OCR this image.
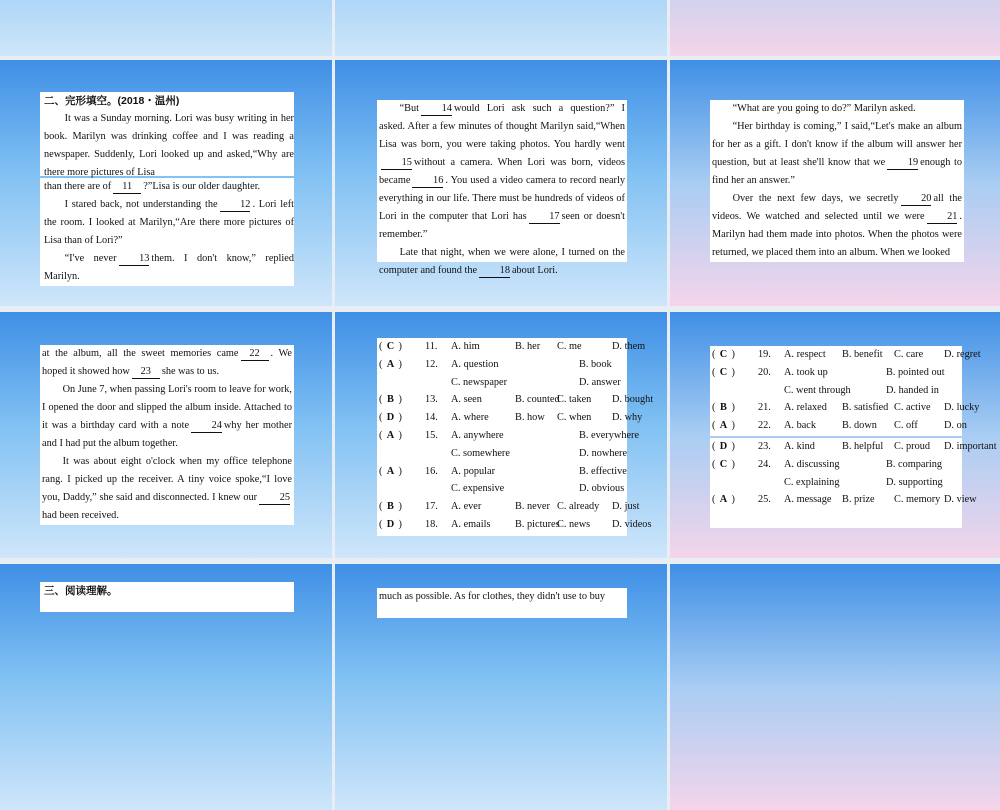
二、完形填空。(2018・温州)

It was a Sunday morning. Lori was busy writing in her book. Marilyn was drinking coffee and I was reading a newspaper. Suddenly, Lori looked up and asked,“Why are there more pictures of Lisa

than there are of 11 ?”Lisa is our older daughter.

I stared back, not understanding the 12 . Lori left the room. I looked at Marilyn,“Are there more pictures of Lisa than of Lori?”

“I've never 13 them. I don't know,” replied Marilyn.

“But 14 would Lori ask such a question?” I asked. After a few minutes of thought Marilyn said,“When Lisa was born, you were taking photos. You hardly went15 without a camera. When Lori was born, videos became 16 . You used a video camera to record nearly everything in our life. There must be hundreds of videos of Lori in the computer that Lori has 17 seen or doesn't remember.”

Late that night, when we were alone, I turned on the computer and found the 18 about Lori.

“What are you going to do?” Marilyn asked.

“Her birthday is coming,” I said,“Let's make an album for her as a gift. I don't know if the album will answer her question, but at least she'll know that we 19 enough to find her an answer.”

Over the next few days, we secretly 20 all the videos. We watched and selected until we were 21 . Marilyn had them made into photos. When the photos were returned, we placed them into an album. When we looked

at the album, all the sweet memories came 22 . We hoped it showed how 23 she was to us.

On June 7, when passing Lori's room to leave for work, I opened the door and slipped the album inside. Attached to it was a birthday card with a note 24 why her mother and I had put the album together.

It was about eight o'clock when my office telephone rang. I picked up the receiver. A tiny voice spoke,“I love you, Daddy,” she said and disconnected. I knew our 25had been received.

( C )	11.	A. him	B. her	C. me	D. them
( A )	12.	A. question	B. book
C. newspaper	D. answer
( B )	13.	A. seen	B. counted
C. taken	D. bought
( D )	14.	A. where	B. how	C. when	D. why
( A )	15.	A. anywhere	B. everywhere
C. somewhere	D. nowhere
( A )	16.	A. popular	B. effective
C. expensive	D. obvious
( B )	17.	A. ever	B. never C. already	D. just
( D )	18.	A. emails	B. pictures
C. news	D. videos
( C )	19.	A. respect	B. benefit	C. care	D. regret
( C )	20.	A. took up	B. pointed out
C. went through	D. handed in
( B )	21.	A. relaxed	B. satisfied C. active	D. lucky
( A )	22.	A. back	B. down	C. off	D. on
( D )	23.	A. kind	B. helpful	C. proud	D. important
( C )	24.	A. discussing	B. comparing
C. explaining	D. supporting
( A )	25.	A. message	B. prize	C. memory D. view

三、阅读理解。	much as possible. As for clothes, they didn't use to buy
